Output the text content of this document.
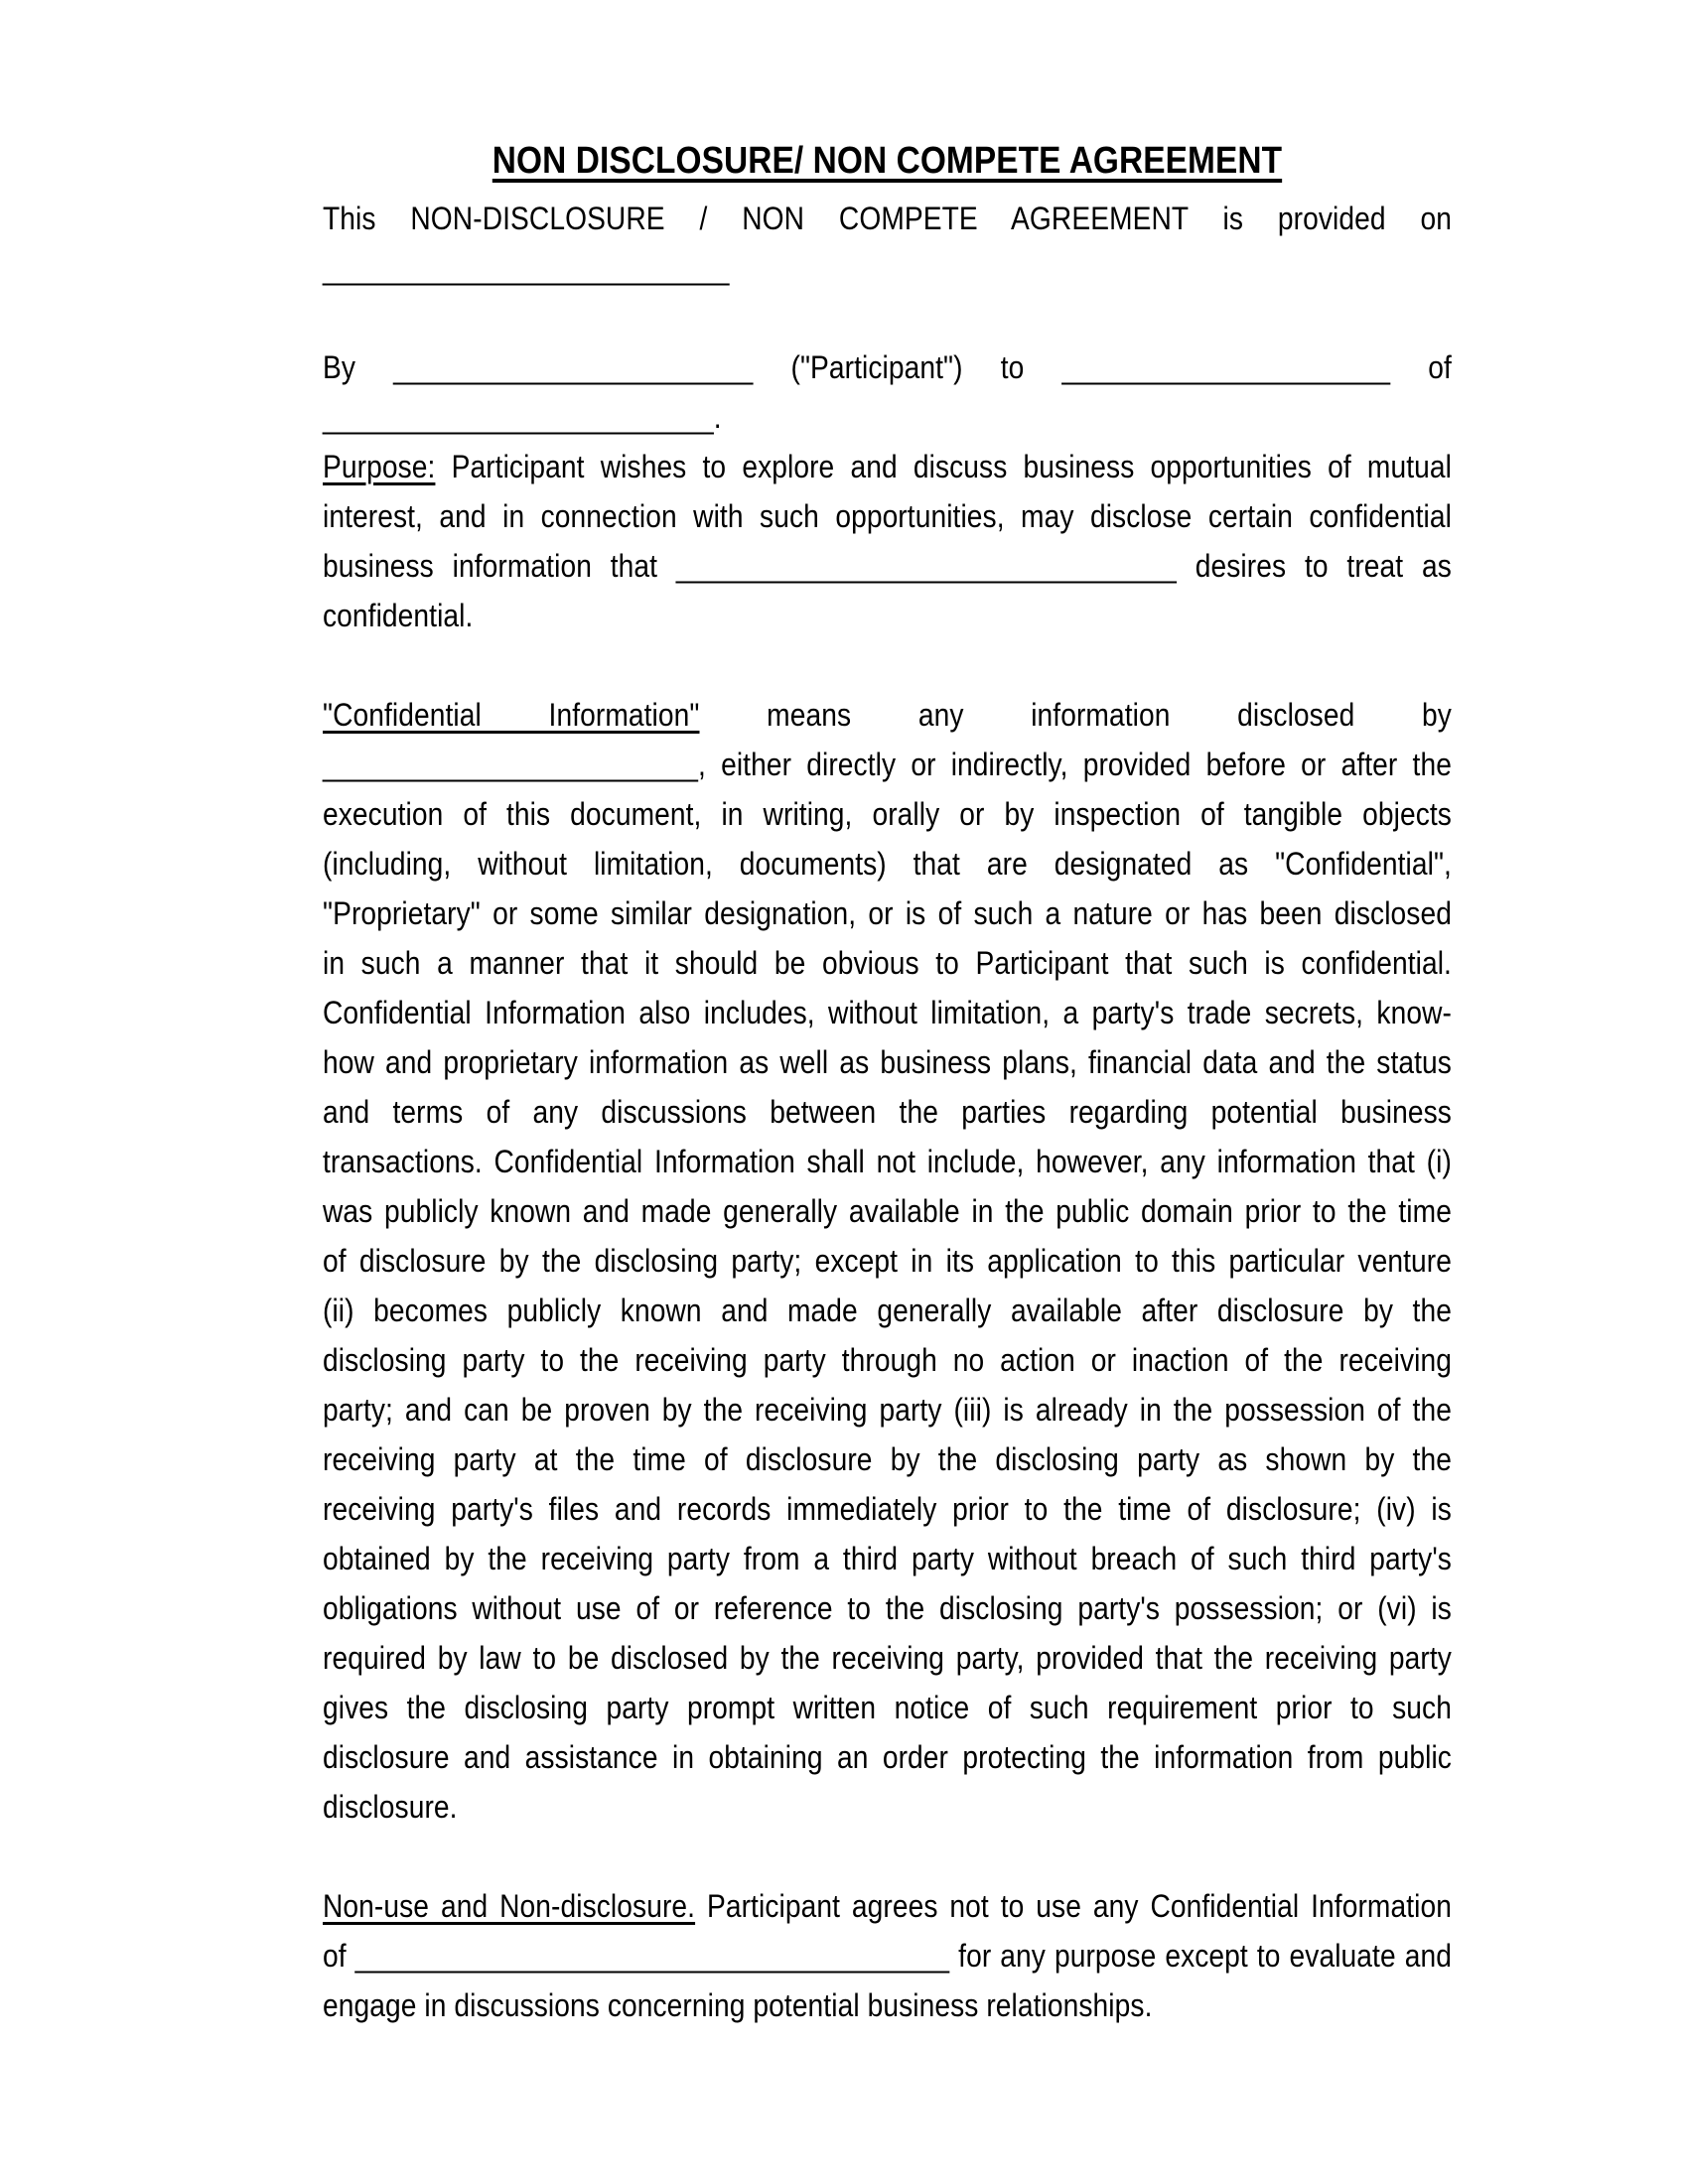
NON DISCLOSURE/ NON COMPETE AGREEMENT
This NON-DISCLOSURE / NON COMPETE AGREEMENT is provided on
__________________________
By _______________________ ("Participant") to _____________________ of
_________________________.
Purpose: Participant wishes to explore and discuss business opportunities of mutual
interest, and in connection with such opportunities, may disclose certain confidential
business information that ________________________________ desires to treat as
confidential.
"Confidential Information" means any information disclosed by
________________________, either directly or indirectly, provided before or after the
execution of this document, in writing, orally or by inspection of tangible objects
(including, without limitation, documents) that are designated as "Confidential",
"Proprietary" or some similar designation, or is of such a nature or has been disclosed
in such a manner that it should be obvious to Participant that such is confidential.
Confidential Information also includes, without limitation, a party's trade secrets, know-
how and proprietary information as well as business plans, financial data and the status
and terms of any discussions between the parties regarding potential business
transactions. Confidential Information shall not include, however, any information that (i)
was publicly known and made generally available in the public domain prior to the time
of disclosure by the disclosing party; except in its application to this particular venture
(ii) becomes publicly known and made generally available after disclosure by the
disclosing party to the receiving party through no action or inaction of the receiving
party; and can be proven by the receiving party (iii) is already in the possession of the
receiving party at the time of disclosure by the disclosing party as shown by the
receiving party's files and records immediately prior to the time of disclosure; (iv) is
obtained by the receiving party from a third party without breach of such third party's
obligations without use of or reference to the disclosing party's possession; or (vi) is
required by law to be disclosed by the receiving party, provided that the receiving party
gives the disclosing party prompt written notice of such requirement prior to such
disclosure and assistance in obtaining an order protecting the information from public
disclosure.
Non-use and Non-disclosure. Participant agrees not to use any Confidential Information
of ______________________________________ for any purpose except to evaluate and
engage in discussions concerning potential business relationships.
